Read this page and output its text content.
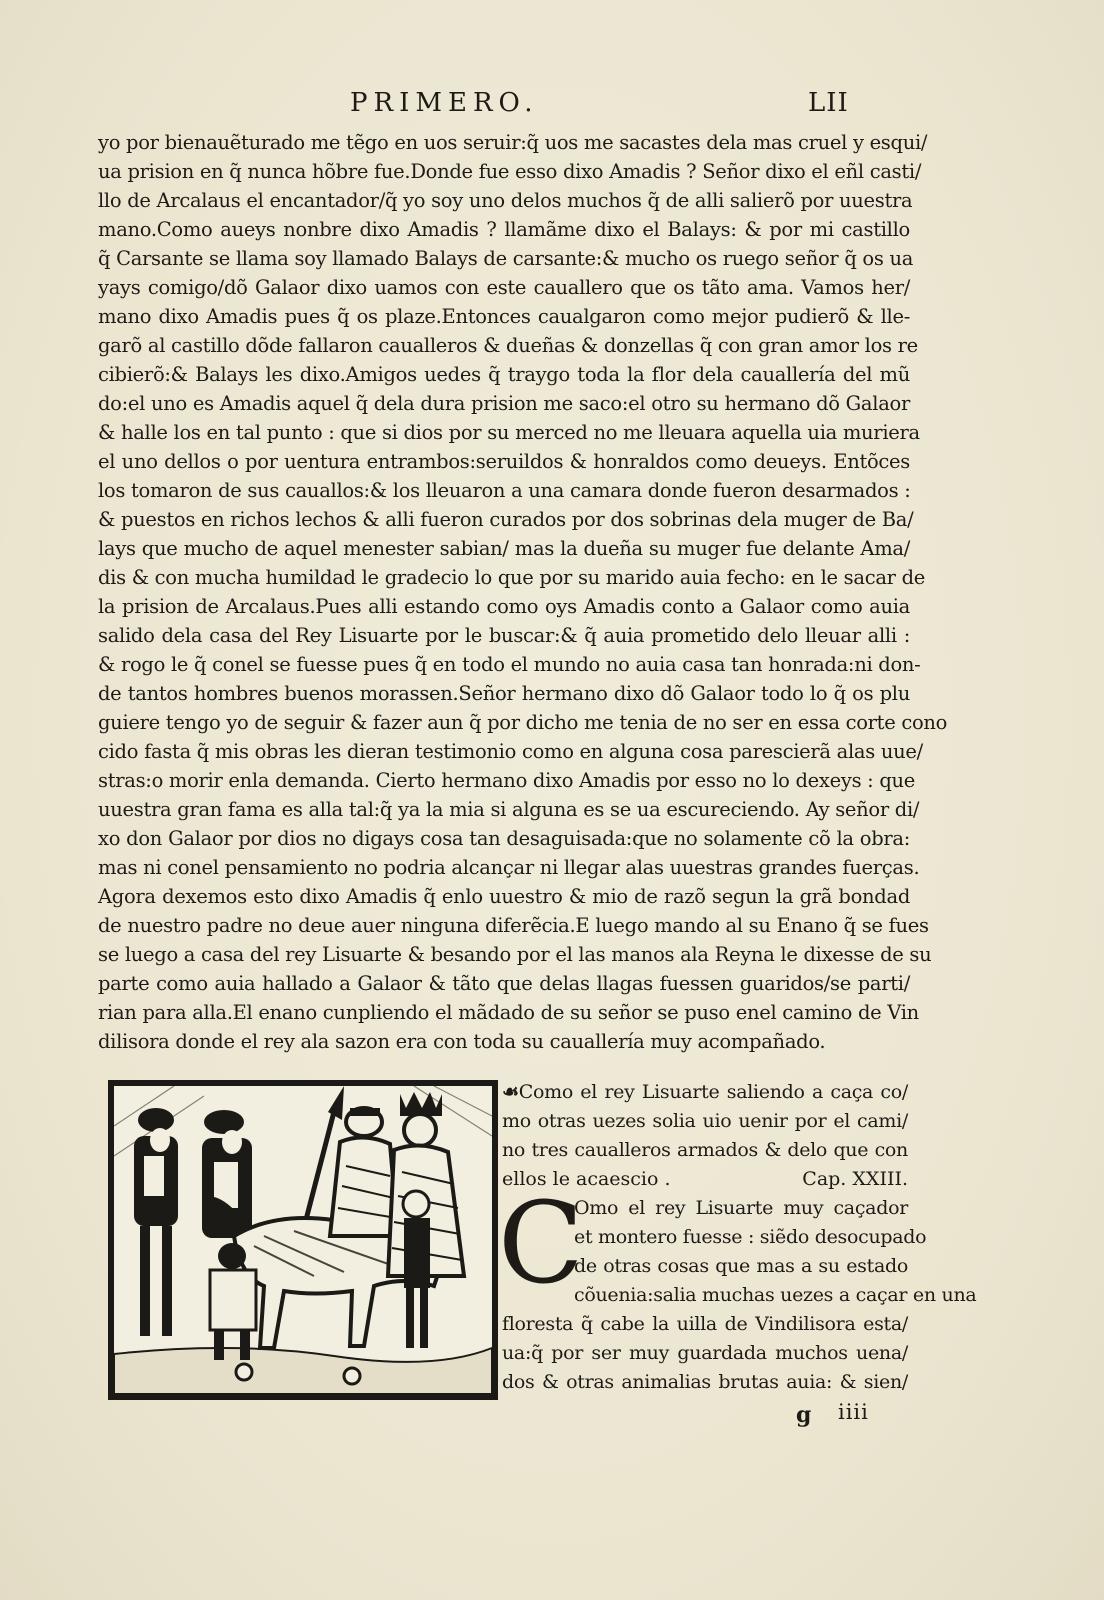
PRIMERO.	LII
yo por bienauẽturado me tẽgo en uos seruir:q̃ uos me sacastes dela mas cruel y esqui/
ua prision en q̃ nunca hõbre fue.Donde fue esso dixo Amadis ? Señor dixo el eñl casti/
llo de Arcalaus el encantador/q̃ yo soy uno delos muchos q̃ de alli salierõ por uuestra
mano.Como aueys nonbre dixo Amadis ? llamãme dixo el Balays: & por mi castillo
q̃ Carsante se llama soy llamado Balays de carsante:& mucho os ruego señor q̃ os ua
yays comigo/dõ Galaor dixo uamos con este cauallero que os tãto ama. Vamos her/
mano dixo Amadis pues q̃ os plaze.Entonces caualgaron como mejor pudierõ & lle-
garõ al castillo dõde fallaron caualleros & dueñas & donzellas q̃ con gran amor los re
cibierõ:& Balays les dixo.Amigos uedes q̃ traygo toda la flor dela cauallería del mũ
do:el uno es Amadis aquel q̃ dela dura prision me saco:el otro su hermano dõ Galaor
& halle los en tal punto : que si dios por su merced no me lleuara aquella uia muriera
el uno dellos o por uentura entrambos:seruildos & honraldos como deueys. Entõces
los tomaron de sus cauallos:& los lleuaron a una camara donde fueron desarmados :
& puestos en richos lechos & alli fueron curados por dos sobrinas dela muger de Ba/
lays que mucho de aquel menester sabian/ mas la dueña su muger fue delante Ama/
dis & con mucha humildad le gradecio lo que por su marido auia fecho: en le sacar de
la prision de Arcalaus.Pues alli estando como oys Amadis conto a Galaor como auia
salido dela casa del Rey Lisuarte por le buscar:& q̃ auia prometido delo lleuar alli :
& rogo le q̃ conel se fuesse pues q̃ en todo el mundo no auia casa tan honrada:ni don-
de tantos hombres buenos morassen.Señor hermano dixo dõ Galaor todo lo q̃ os plu
guiere tengo yo de seguir & fazer aun q̃ por dicho me tenia de no ser en essa corte cono
cido fasta q̃ mis obras les dieran testimonio como en alguna cosa parescierã alas uue/
stras:o morir enla demanda. Cierto hermano dixo Amadis por esso no lo dexeys : que
uuestra gran fama es alla tal:q̃ ya la mia si alguna es se ua escureciendo. Ay señor di/
xo don Galaor por dios no digays cosa tan desaguisada:que no solamente cõ la obra:
mas ni conel pensamiento no podria alcançar ni llegar alas uuestras grandes fuerças.
Agora dexemos esto dixo Amadis q̃ enlo uuestro & mio de razõ segun la grã bondad
de nuestro padre no deue auer ninguna diferẽcia.E luego mando al su Enano q̃ se fues
se luego a casa del rey Lisuarte & besando por el las manos ala Reyna le dixesse de su
parte como auia hallado a Galaor & tãto que delas llagas fuessen guaridos/se parti/
rian para alla.El enano cunpliendo el mãdado de su señor se puso enel camino de Vin
dilisora donde el rey ala sazon era con toda su cauallería muy acompañado.
☙Como el rey Lisuarte saliendo a caça co/
mo otras uezes solia uio uenir por el cami/
no tres caualleros armados & delo que con
ellos le acaescio .	Cap. XXIII.
C
Omo el rey Lisuarte muy caçador
et montero fuesse : siẽdo desocupado
de otras cosas que mas a su estado
cõuenia:salia muchas uezes a caçar en una
floresta q̃ cabe la uilla de Vindilisora esta/
ua:q̃ por ser muy guardada muchos uena/
dos & otras animalias brutas auia: & sien/
g iiii
